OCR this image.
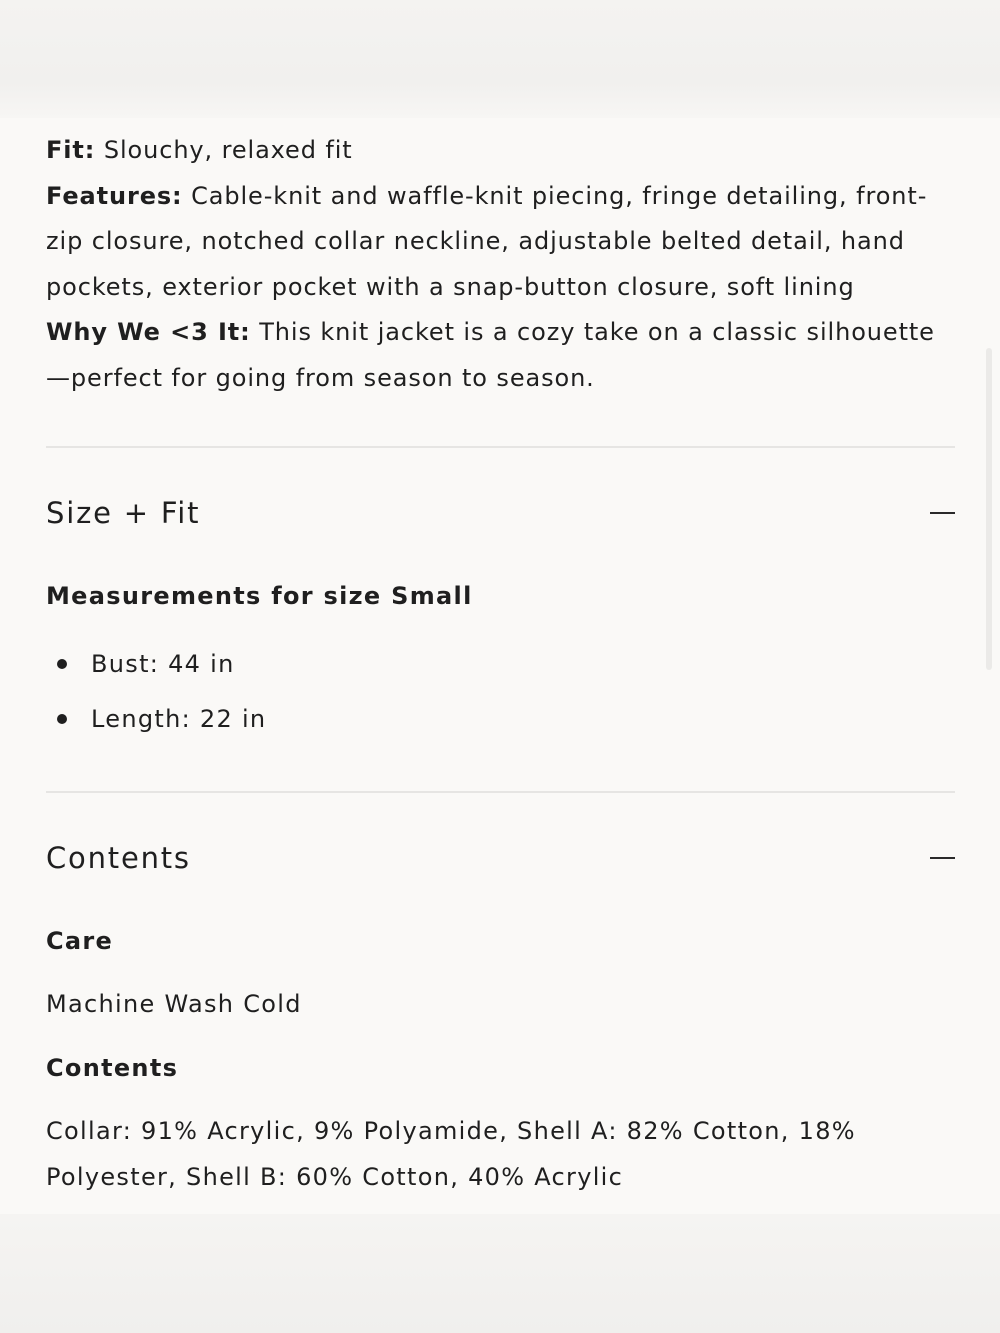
Fit: Slouchy, relaxed fit

Features: Cable-knit and waffle-knit piecing, fringe detailing, front-zip closure, notched collar neckline, adjustable belted detail, hand pockets, exterior pocket with a snap-button closure, soft lining

Why We <3 It: This knit jacket is a cozy take on a classic silhouette—perfect for going from season to season.

Size + Fit
Measurements for size Small
Bust: 44 in
Length: 22 in
Contents
Care

Machine Wash Cold

Contents

Collar: 91% Acrylic, 9% Polyamide, Shell A: 82% Cotton, 18% Polyester, Shell B: 60% Cotton, 40% Acrylic
